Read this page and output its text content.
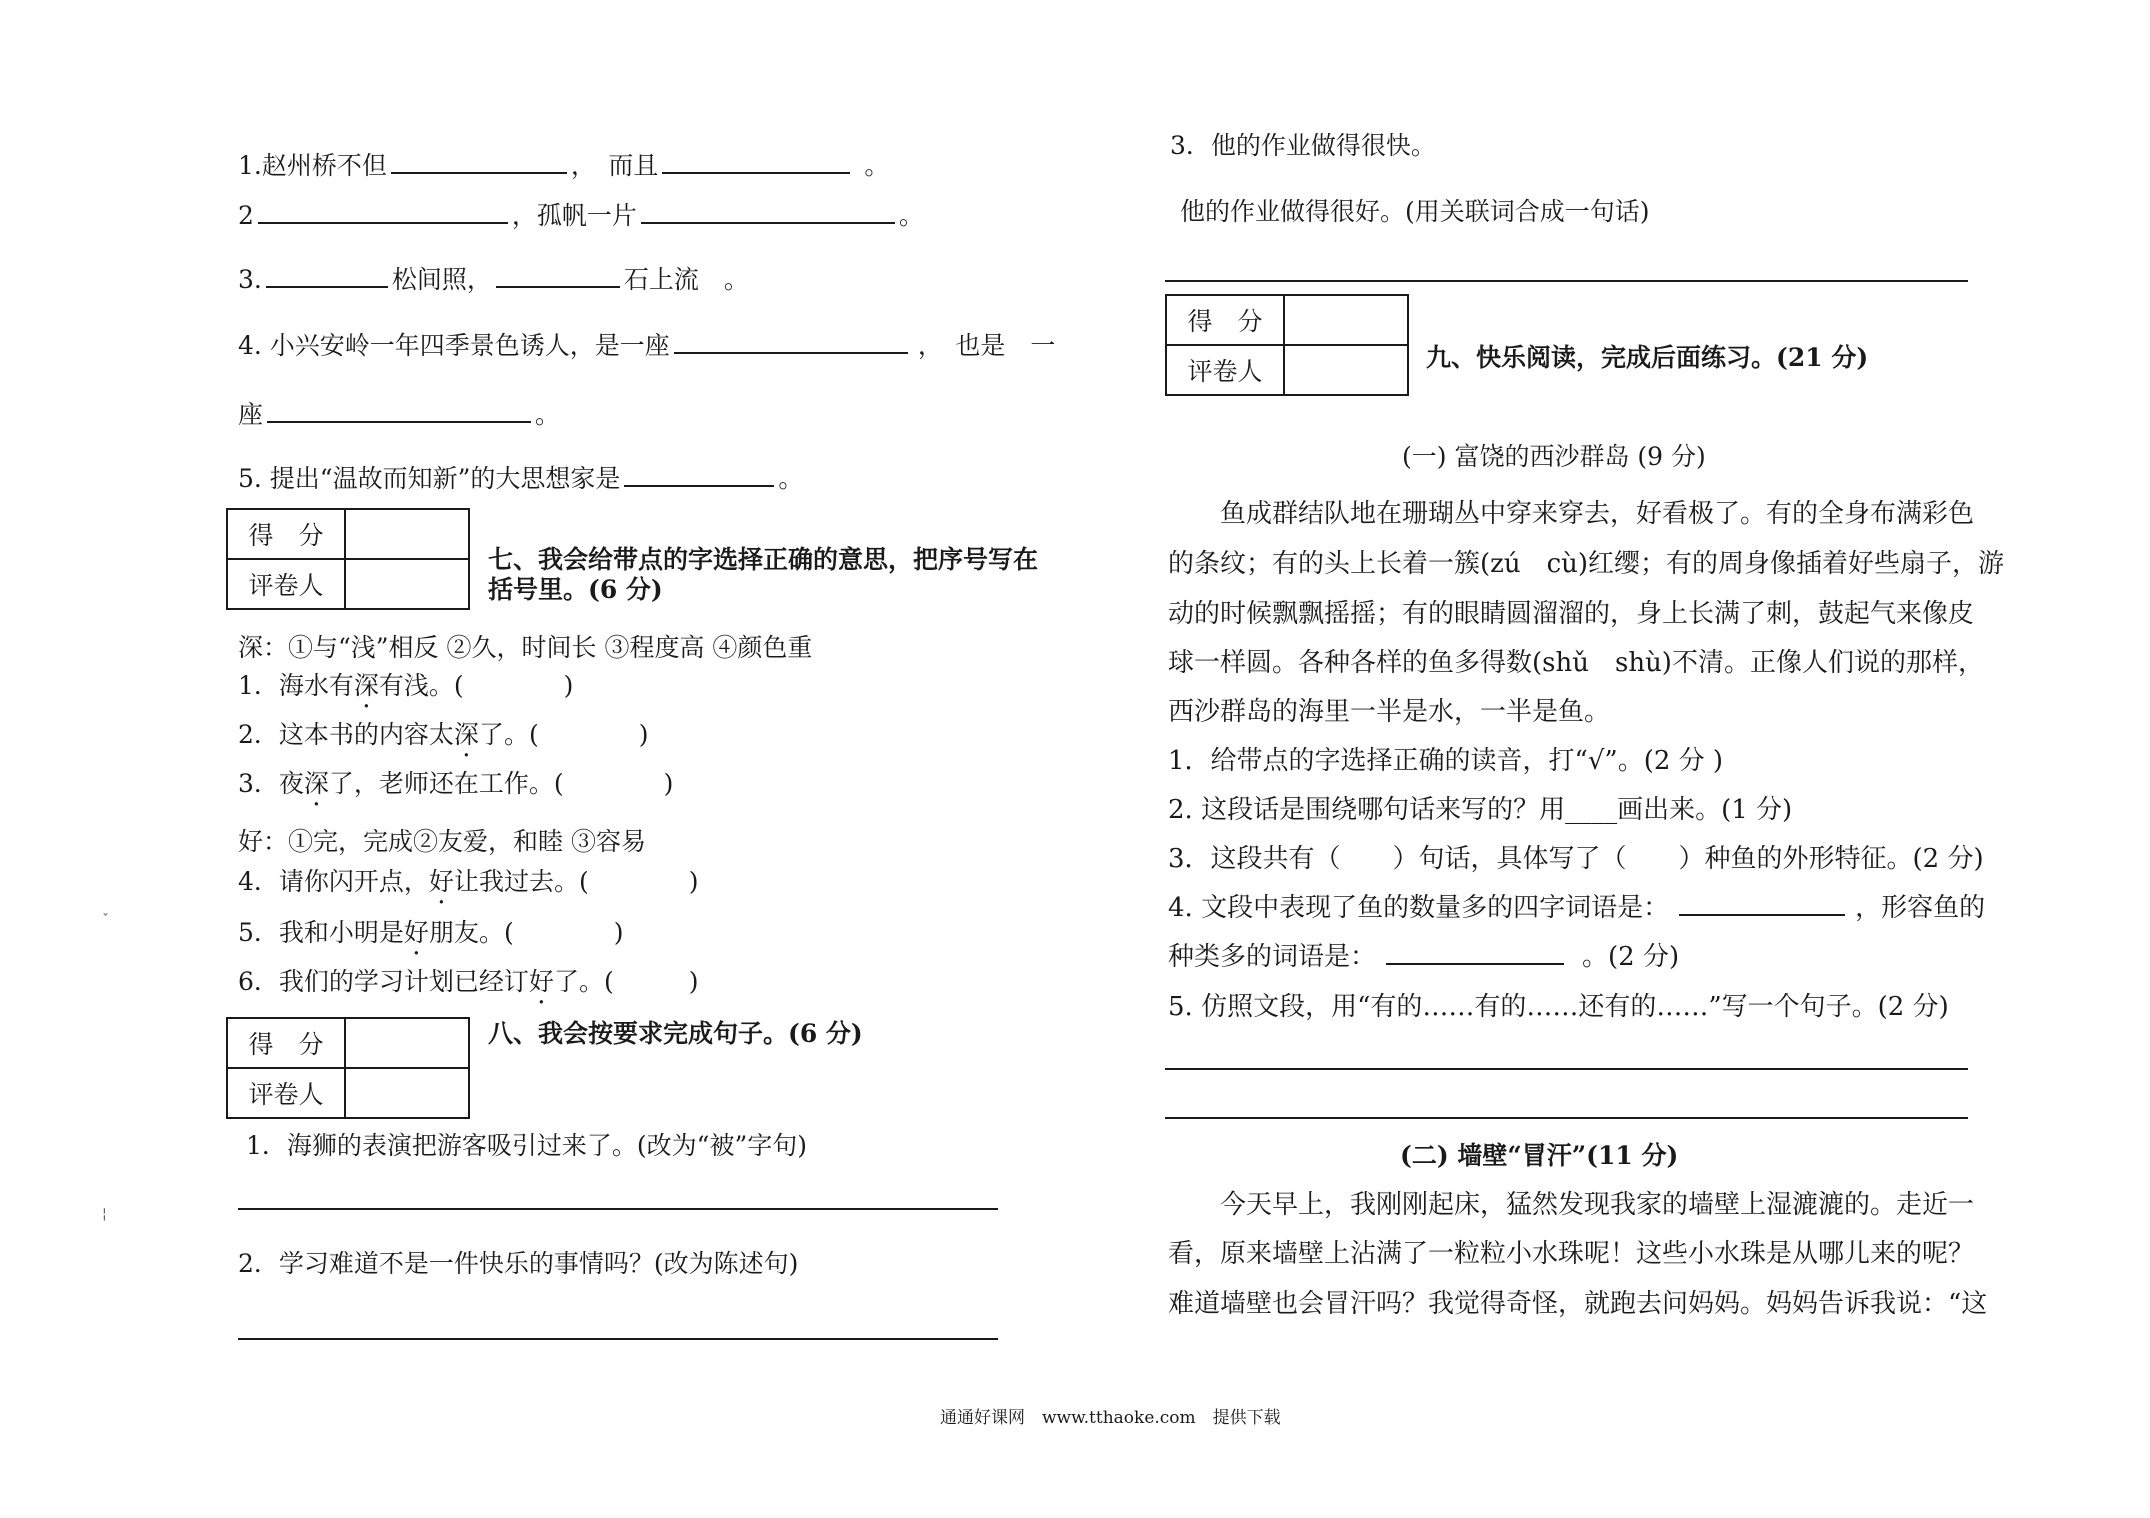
1.赵州桥不但	，　而且	。
2	，孤帆一片	。
3.	松间照，	石上流　。
4. 小兴安岭一年四季景色诱人，是一座	，　也是　一
座	。
5. 提出“温故而知新”的大思想家是	。
得　分	
评卷人	
七、我会给带点的字选择正确的意思，把序号写在
括号里。(6 分)
深：①与“浅”相反 ②久，时间长 ③程度高 ④颜色重
1．海水有深有浅。(　　　　)
2．这本书的内容太深了。(　　　　)
3．夜深了，老师还在工作。(　　　　)
好：①完，完成②友爱，和睦 ③容易
4．请你闪开点，好让我过去。(　　　　)
5．我和小明是好朋友。(　　　　)
6．我们的学习计划已经订好了。(　　　)
得　分	
评卷人	
八、我会按要求完成句子。(6 分)
1．海狮的表演把游客吸引过来了。(改为“被”字句)
2．学习难道不是一件快乐的事情吗？(改为陈述句)
ˇ
¦
3．他的作业做得很快。
他的作业做得很好。(用关联词合成一句话)
得　分	
评卷人		九、快乐阅读，完成后面练习。(21 分)
(一) 富饶的西沙群岛 (9 分)
鱼成群结队地在珊瑚丛中穿来穿去，好看极了。有的全身布满彩色
的条纹；有的头上长着一簇(zú　cù)红缨；有的周身像插着好些扇子，游
动的时候飘飘摇摇；有的眼睛圆溜溜的，身上长满了刺，鼓起气来像皮
球一样圆。各种各样的鱼多得数(shǔ　shù)不清。正像人们说的那样，
西沙群岛的海里一半是水，一半是鱼。
1．给带点的字选择正确的读音，打“√”。(2 分 )
2. 这段话是围绕哪句话来写的？用____画出来。(1 分)
3．这段共有（　　）句话，具体写了（　　）种鱼的外形特征。(2 分)
4. 文段中表现了鱼的数量多的四字词语是：	，形容鱼的
种类多的词语是：	。(2 分)
5. 仿照文段，用“有的……有的……还有的……”写一个句子。(2 分)
(二) 墙壁“冒汗”(11 分)
今天早上，我刚刚起床，猛然发现我家的墙壁上湿漉漉的。走近一
看，原来墙壁上沾满了一粒粒小水珠呢！这些小水珠是从哪儿来的呢？
难道墙壁也会冒汗吗？我觉得奇怪，就跑去问妈妈。妈妈告诉我说：“这
通通好课网　www.tthaoke.com　提供下载
